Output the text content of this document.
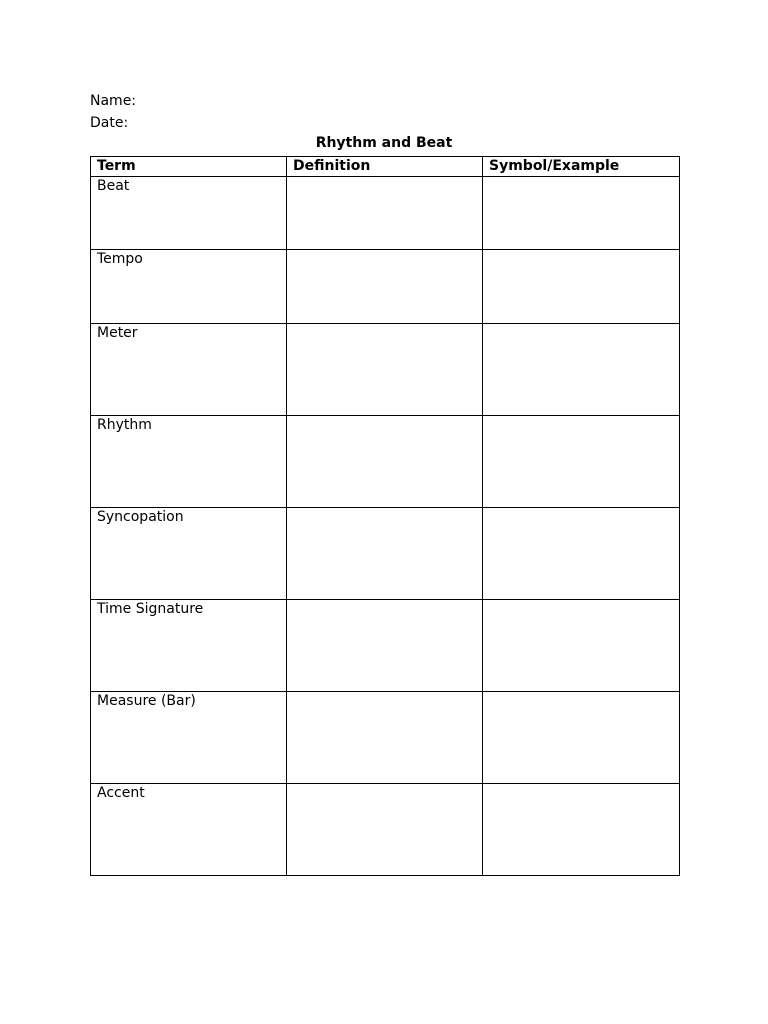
Name:
Date:
Rhythm and Beat
Term	Definition	Symbol/Example
Beat		
Tempo		
Meter		
Rhythm		
Syncopation		
Time Signature		
Measure (Bar)		
Accent		
